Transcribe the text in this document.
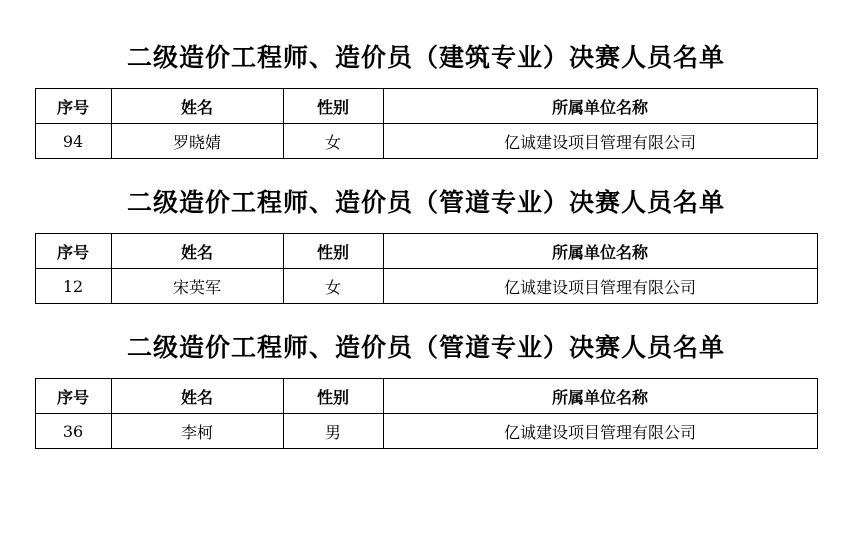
二级造价工程师、造价员（建筑专业）决赛人员名单
序号	姓名	性别	所属单位名称
94	罗晓婧	女	亿诚建设项目管理有限公司
二级造价工程师、造价员（管道专业）决赛人员名单
序号	姓名	性别	所属单位名称
12	宋英军	女	亿诚建设项目管理有限公司
二级造价工程师、造价员（管道专业）决赛人员名单
序号	姓名	性别	所属单位名称
36	李柯	男	亿诚建设项目管理有限公司
